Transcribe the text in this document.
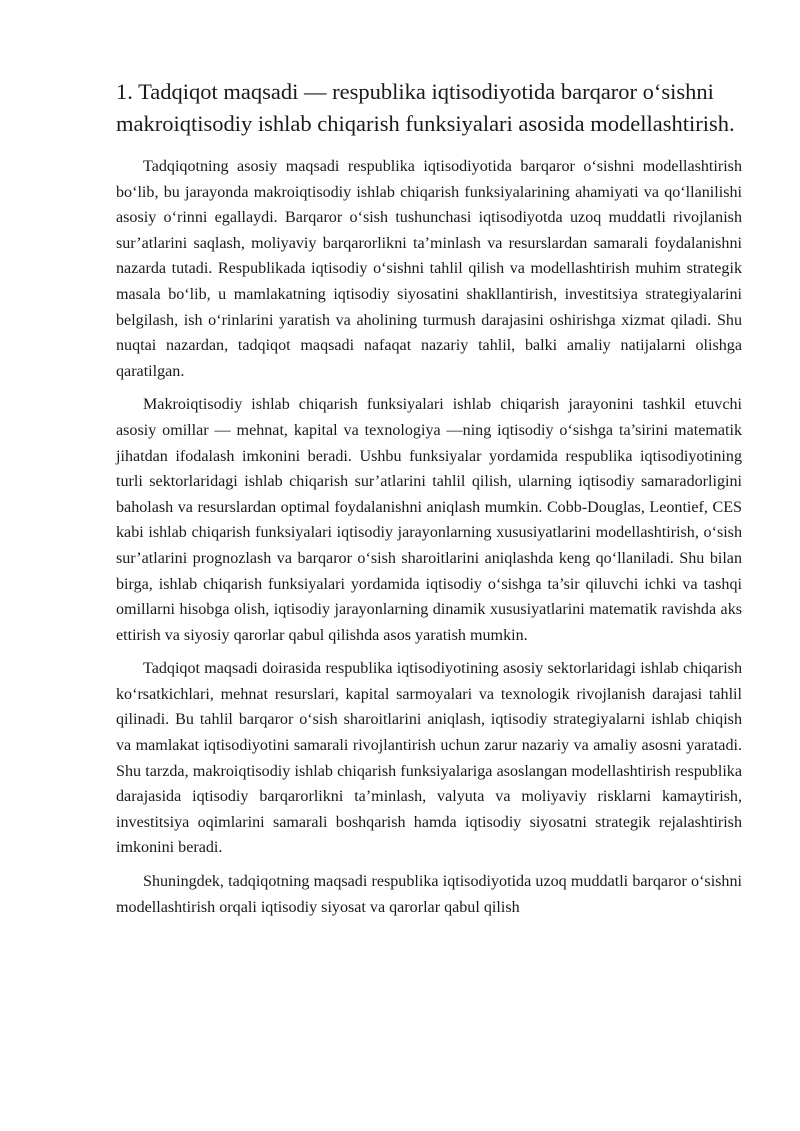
1. Tadqiqot maqsadi — respublika iqtisodiyotida barqaror o‘sishni makroiqtisodiy ishlab chiqarish funksiyalari asosida modellashtirish.

Tadqiqotning asosiy maqsadi respublika iqtisodiyotida barqaror o‘sishni modellashtirish bo‘lib, bu jarayonda makroiqtisodiy ishlab chiqarish funksiyalarining ahamiyati va qo‘llanilishi asosiy o‘rinni egallaydi. Barqaror o‘sish tushunchasi iqtisodiyotda uzoq muddatli rivojlanish sur’atlarini saqlash, moliyaviy barqarorlikni ta’minlash va resurslardan samarali foydalanishni nazarda tutadi. Respublikada iqtisodiy o‘sishni tahlil qilish va modellashtirish muhim strategik masala bo‘lib, u mamlakatning iqtisodiy siyosatini shakllantirish, investitsiya strategiyalarini belgilash, ish o‘rinlarini yaratish va aholining turmush darajasini oshirishga xizmat qiladi. Shu nuqtai nazardan, tadqiqot maqsadi nafaqat nazariy tahlil, balki amaliy natijalarni olishga qaratilgan.

Makroiqtisodiy ishlab chiqarish funksiyalari ishlab chiqarish jarayonini tashkil etuvchi asosiy omillar — mehnat, kapital va texnologiya —ning iqtisodiy o‘sishga ta’sirini matematik jihatdan ifodalash imkonini beradi. Ushbu funksiyalar yordamida respublika iqtisodiyotining turli sektorlaridagi ishlab chiqarish sur’atlarini tahlil qilish, ularning iqtisodiy samaradorligini baholash va resurslardan optimal foydalanishni aniqlash mumkin. Cobb-Douglas, Leontief, CES kabi ishlab chiqarish funksiyalari iqtisodiy jarayonlarning xususiyatlarini modellashtirish, o‘sish sur’atlarini prognozlash va barqaror o‘sish sharoitlarini aniqlashda keng qo‘llaniladi. Shu bilan birga, ishlab chiqarish funksiyalari yordamida iqtisodiy o‘sishga ta’sir qiluvchi ichki va tashqi omillarni hisobga olish, iqtisodiy jarayonlarning dinamik xususiyatlarini matematik ravishda aks ettirish va siyosiy qarorlar qabul qilishda asos yaratish mumkin.

Tadqiqot maqsadi doirasida respublika iqtisodiyotining asosiy sektorlaridagi ishlab chiqarish ko‘rsatkichlari, mehnat resurslari, kapital sarmoyalari va texnologik rivojlanish darajasi tahlil qilinadi. Bu tahlil barqaror o‘sish sharoitlarini aniqlash, iqtisodiy strategiyalarni ishlab chiqish va mamlakat iqtisodiyotini samarali rivojlantirish uchun zarur nazariy va amaliy asosni yaratadi. Shu tarzda, makroiqtisodiy ishlab chiqarish funksiyalariga asoslangan modellashtirish respublika darajasida iqtisodiy barqarorlikni ta’minlash, valyuta va moliyaviy risklarni kamaytirish, investitsiya oqimlarini samarali boshqarish hamda iqtisodiy siyosatni strategik rejalashtirish imkonini beradi.

Shuningdek, tadqiqotning maqsadi respublika iqtisodiyotida uzoq muddatli barqaror o‘sishni modellashtirish orqali iqtisodiy siyosat va qarorlar qabul qilish
